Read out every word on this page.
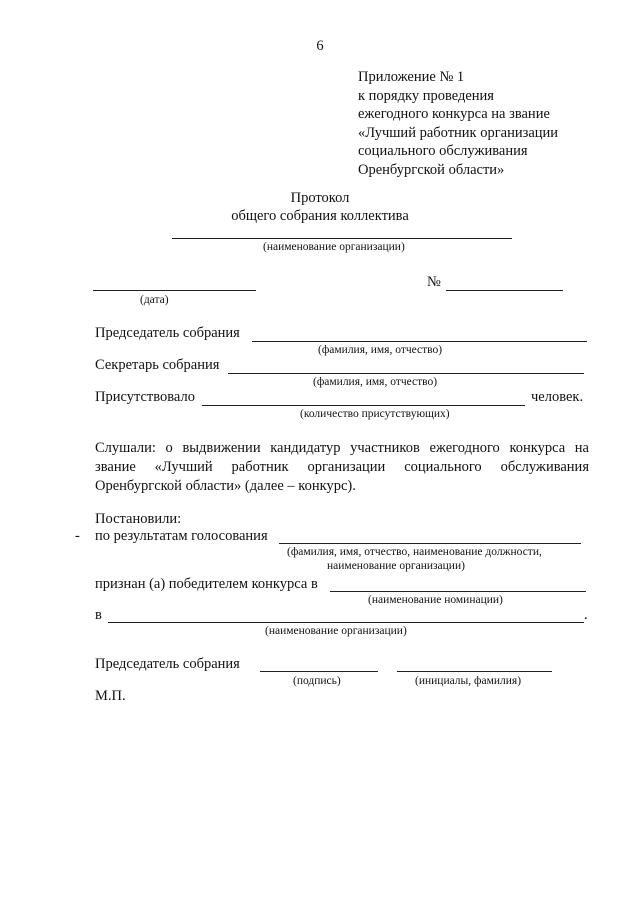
6
Приложение № 1
к порядку проведения
ежегодного конкурса на звание
«Лучший работник организации
социального обслуживания
Оренбургской области»
Протокол
общего собрания коллектива
(наименование организации)
(дата)
№
Председатель собрания
(фамилия, имя, отчество)
Секретарь собрания
(фамилия, имя, отчество)
Присутствовало	человек.
(количество присутствующих)
Слушали: о выдвижении кандидатур участников ежегодного конкурса на
звание «Лучший работник организации социального обслуживания
Оренбургской области» (далее – конкурс).
Постановили:
- по результатам голосования
(фамилия, имя, отчество, наименование должности,
наименование организации)
признан (а) победителем конкурса в
(наименование номинации)
в	.
(наименование организации)
Председатель собрания
(подпись)	(инициалы, фамилия)
М.П.
